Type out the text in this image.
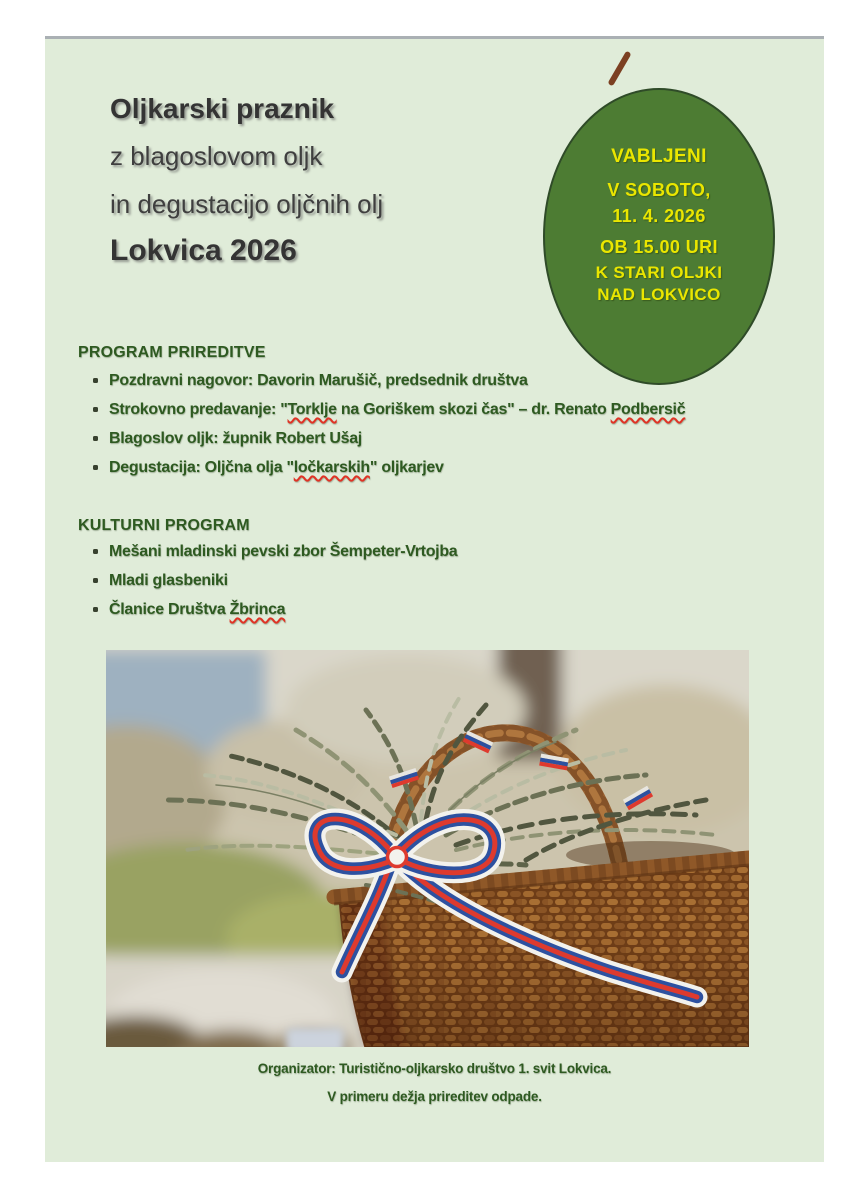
Oljkarski praznik
z blagoslovom oljk
in degustacijo oljčnih olj
Lokvica 2026
VABLJENI
V SOBOTO,
11. 4. 2026
OB 15.00 URI
K STARI OLJKI
NAD LOKVICO
PROGRAM PRIREDITVE
Pozdravni nagovor: Davorin Marušič, predsednik društva
Strokovno predavanje: "Torklje na Goriškem skozi čas" – dr. Renato Podbersič
Blagoslov oljk: župnik Robert Ušaj
Degustacija: Oljčna olja "ločkarskih" oljkarjev
KULTURNI PROGRAM
Mešani mladinski pevski zbor Šempeter-Vrtojba
Mladi glasbeniki
Članice Društva Žbrinca
Organizator: Turistično-oljkarsko društvo 1. svit Lokvica.
V primeru dežja prireditev odpade.
